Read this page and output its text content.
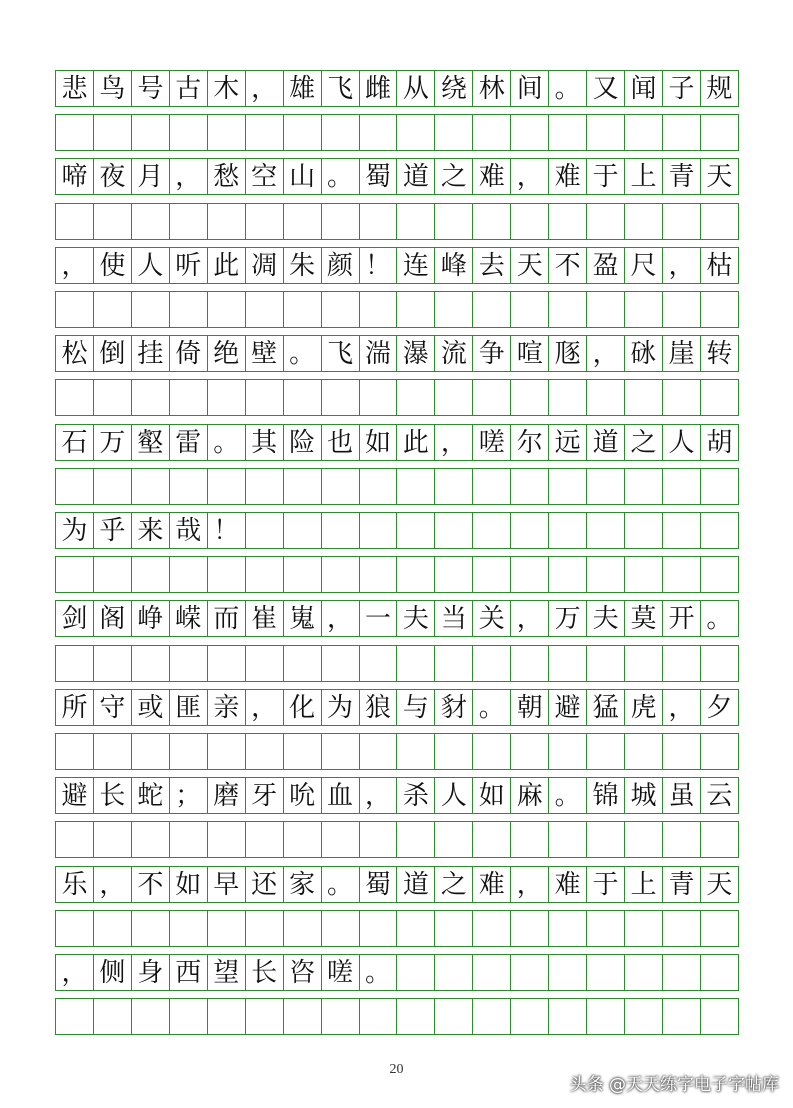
悲 鸟 号 古 木 ， 雄 飞 雌 从 绕 林 间 。 又 闻 子 规
啼 夜 月 ， 愁 空 山 。 蜀 道 之 难 ， 难 于 上 青 天
， 使 人 听 此 凋 朱 颜 ！ 连 峰 去 天 不 盈 尺 ， 枯
松 倒 挂 倚 绝 壁 。 飞 湍 瀑 流 争 喧 豗 ， 砯 崖 转
石 万 壑 雷 。 其 险 也 如 此 ， 嗟 尔 远 道 之 人 胡
为 乎 来 哉 ！
剑 阁 峥 嵘 而 崔 嵬 ， 一 夫 当 关 ， 万 夫 莫 开 。
所 守 或 匪 亲 ， 化 为 狼 与 豺 。 朝 避 猛 虎 ， 夕
避 长 蛇 ； 磨 牙 吮 血 ， 杀 人 如 麻 。 锦 城 虽 云
乐 ， 不 如 早 还 家 。 蜀 道 之 难 ， 难 于 上 青 天
， 侧 身 西 望 长 咨 嗟 。
20
头条 @天天练字电子字帖库
